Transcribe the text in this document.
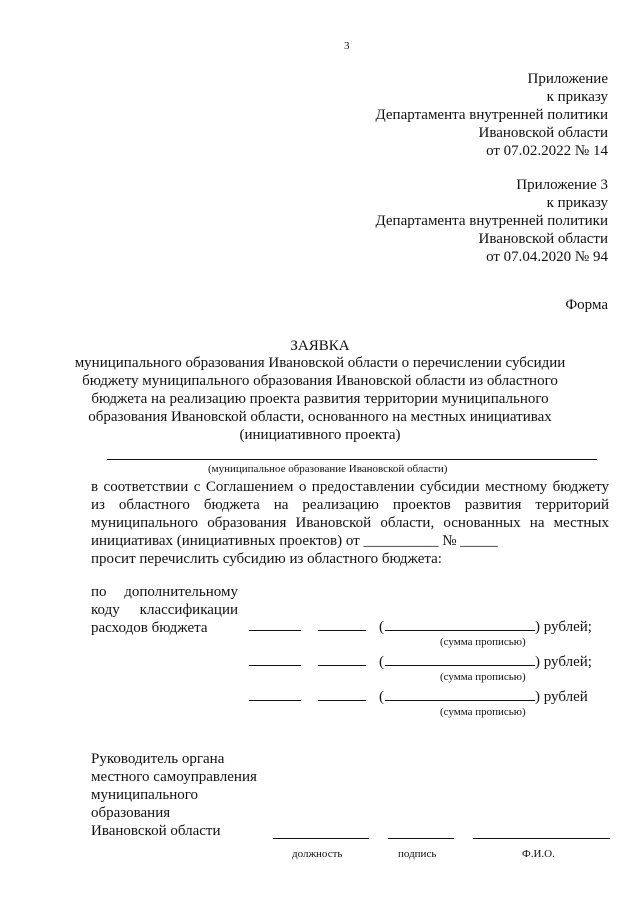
3
Приложение
к приказу
Департамента внутренней политики
Ивановской области
от 07.02.2022 № 14
Приложение 3
к приказу
Департамента внутренней политики
Ивановской области
от 07.04.2020 № 94
Форма
ЗАЯВКА
муниципального образования Ивановской области о перечислении субсидии
бюджету муниципального образования Ивановской области из областного
бюджета на реализацию проекта развития территории муниципального
образования Ивановской области, основанного на местных инициативах
(инициативного проекта)
(муниципальное образование Ивановской области)
в соответствии с Соглашением о предоставлении субсидии местному бюджету
из областного бюджета на реализацию проектов развития территорий
муниципального образования Ивановской области, основанных на местных
инициативах (инициативных проектов) от __________ № _____
просит перечислить субсидию из областного бюджета:
по дополнительному
коду классификации
расходов бюджета	(	) рублей;
(сумма прописью)
(	) рублей;
(сумма прописью)
(	) рублей
(сумма прописью)
Руководитель органа
местного самоуправления
муниципального
образования
Ивановской области
должность	подпись	Ф.И.О.
